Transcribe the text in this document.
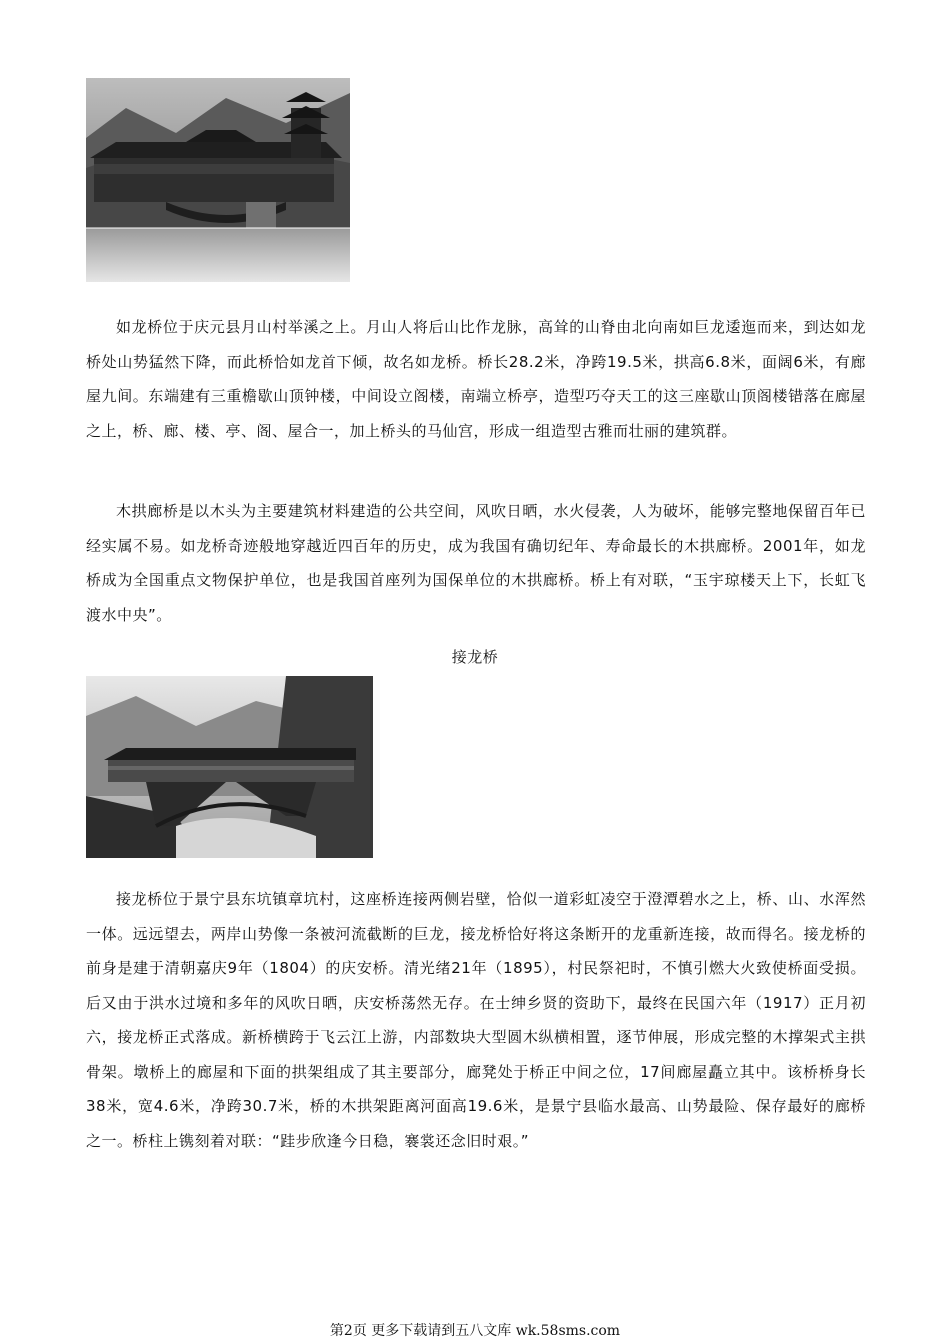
如龙桥位于庆元县月山村举溪之上。月山人将后山比作龙脉，高耸的山脊由北向南如巨龙逶迤而来，到达如龙桥处山势猛然下降，而此桥恰如龙首下倾，故名如龙桥。桥长28.2米，净跨19.5米，拱高6.8米，面阔6米，有廊屋九间。东端建有三重檐歇山顶钟楼，中间设立阁楼，南端立桥亭，造型巧夺天工的这三座歇山顶阁楼错落在廊屋之上，桥、廊、楼、亭、阁、屋合一，加上桥头的马仙宫，形成一组造型古雅而壮丽的建筑群。

木拱廊桥是以木头为主要建筑材料建造的公共空间，风吹日晒，水火侵袭，人为破坏，能够完整地保留百年已经实属不易。如龙桥奇迹般地穿越近四百年的历史，成为我国有确切纪年、寿命最长的木拱廊桥。2001年，如龙桥成为全国重点文物保护单位，也是我国首座列为国保单位的木拱廊桥。桥上有对联，“玉宇琼楼天上下，长虹飞渡水中央”。

接龙桥

接龙桥位于景宁县东坑镇章坑村，这座桥连接两侧岩壁，恰似一道彩虹凌空于澄潭碧水之上，桥、山、水浑然一体。远远望去，两岸山势像一条被河流截断的巨龙，接龙桥恰好将这条断开的龙重新连接，故而得名。接龙桥的前身是建于清朝嘉庆9年（1804）的庆安桥。清光绪21年（1895），村民祭祀时，不慎引燃大火致使桥面受损。后又由于洪水过境和多年的风吹日晒，庆安桥荡然无存。在士绅乡贤的资助下，最终在民国六年（1917）正月初六，接龙桥正式落成。新桥横跨于飞云江上游，内部数块大型圆木纵横相置，逐节伸展，形成完整的木撑架式主拱骨架。墩桥上的廊屋和下面的拱架组成了其主要部分，廊凳处于桥正中间之位，17间廊屋矗立其中。该桥桥身长38米，宽4.6米，净跨30.7米，桥的木拱架距离河面高19.6米，是景宁县临水最高、山势最险、保存最好的廊桥之一。桥柱上镌刻着对联：“跬步欣逢今日稳，褰裳还念旧时艰。”

第2页 更多下载请到五八文库 wk.58sms.com
